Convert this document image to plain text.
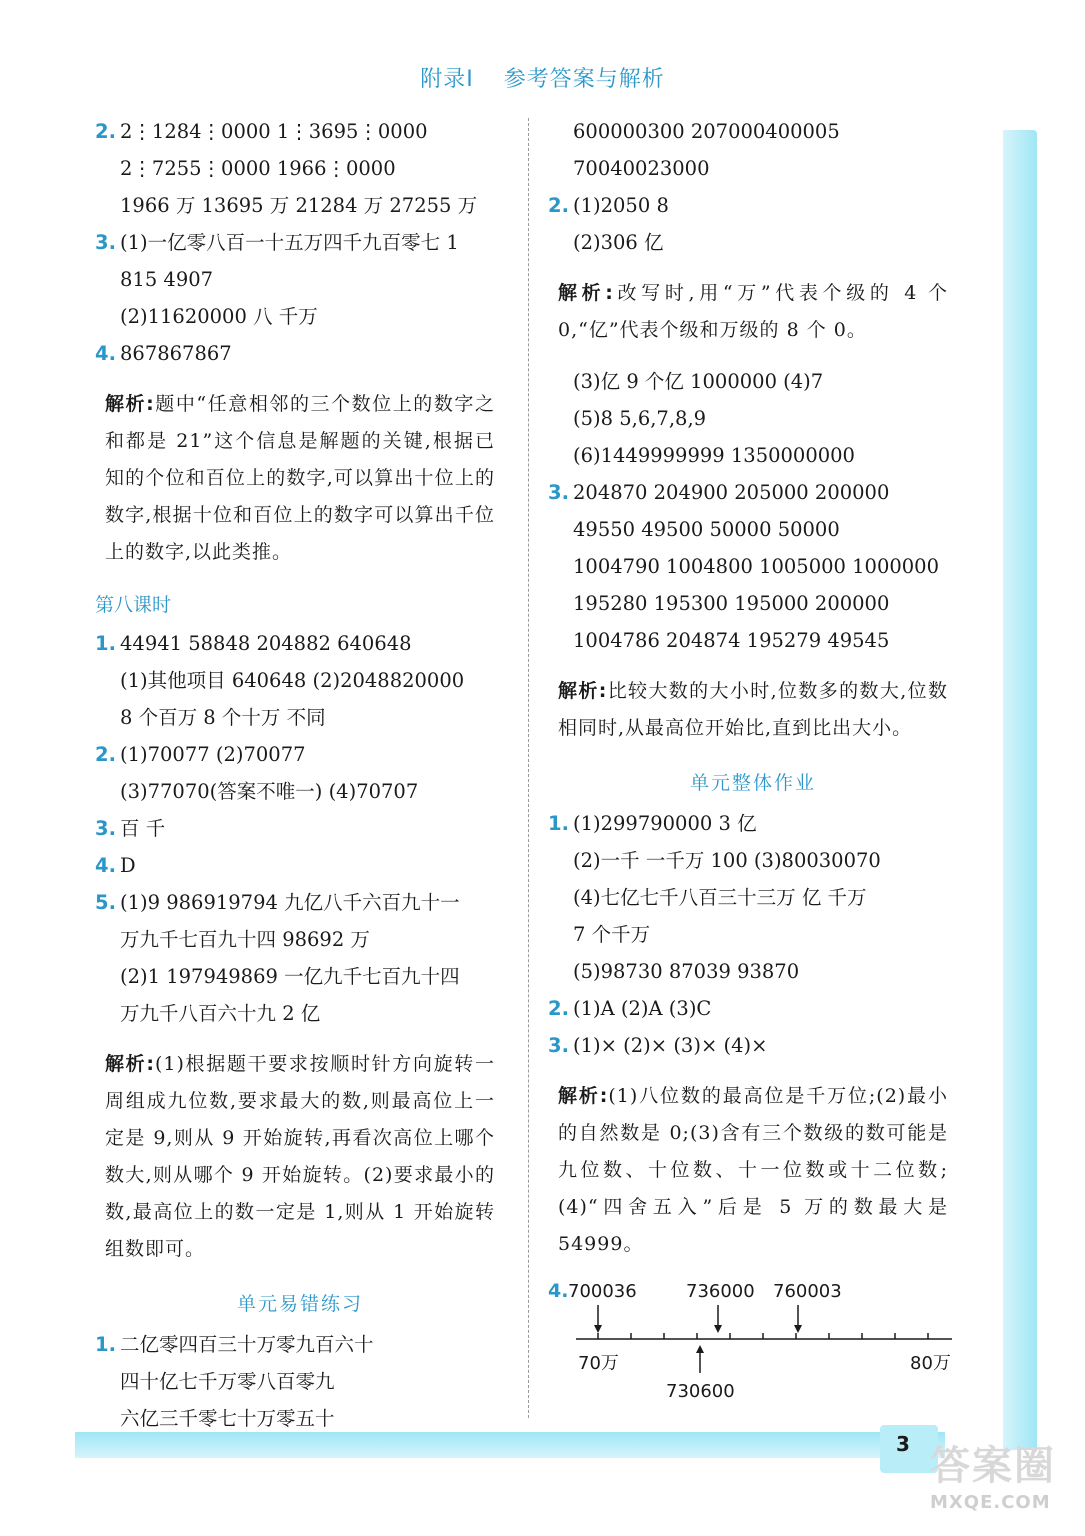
3
附录Ⅰ 参考答案与解析
2. 2⋮1284⋮0000 1⋮3695⋮0000
2⋮7255⋮0000 1966⋮0000
1966 万 13695 万 21284 万 27255 万
3. (1)一亿零八百一十五万四千九百零七 1
815 4907
(2)11620000 八 千万
4. 867867867
解析:题中“任意相邻的三个数位上的数字之和都是 21”这个信息是解题的关键,根据已知的个位和百位上的数字,可以算出十位上的数字,根据十位和百位上的数字可以算出千位上的数字,以此类推。
第八课时
1. 44941 58848 204882 640648
(1)其他项目 640648 (2)2048820000
8 个百万 8 个十万 不同
2. (1)70077 (2)70077
(3)77070(答案不唯一) (4)70707
3. 百 千
4. D
5. (1)9 986919794 九亿八千六百九十一
万九千七百九十四 98692 万
(2)1 197949869 一亿九千七百九十四
万九千八百六十九 2 亿
解析:(1)根据题干要求按顺时针方向旋转一周组成九位数,要求最大的数,则最高位上一定是 9,则从 9 开始旋转,再看次高位上哪个数大,则从哪个 9 开始旋转。(2)要求最小的数,最高位上的数一定是 1,则从 1 开始旋转组数即可。
单元易错练习
1. 二亿零四百三十万零九百六十
四十亿七千万零八百零九
六亿三千零七十万零五十
600000300 207000400005
70040023000
2. (1)2050 8
(2)306 亿
解析:改写时,用“万”代表个级的 4 个 0,“亿”代表个级和万级的 8 个 0。
(3)亿 9 个亿 1000000 (4)7
(5)8 5,6,7,8,9
(6)1449999999 1350000000
3. 204870 204900 205000 200000
49550 49500 50000 50000
1004790 1004800 1005000 1000000
195280 195300 195000 200000
1004786 204874 195279 49545
解析:比较大数的大小时,位数多的数大,位数相同时,从最高位开始比,直到比出大小。
单元整体作业
1. (1)299790000 3 亿
(2)一千 一千万 100 (3)80030070
(4)七亿七千八百三十三万 亿 千万
7 个千万
(5)98730 87039 93870
2. (1)A (2)A (3)C
3. (1)× (2)× (3)× (4)×
解析:(1)八位数的最高位是千万位;(2)最小的自然数是 0;(3)含有三个数级的数可能是九位数、十位数、十一位数或十二位数;(4)“四舍五入”后是 5 万的数最大是 54999。
4. 700036	736000 760003
70万	80万
730600
答案圈
MXQE.COM
